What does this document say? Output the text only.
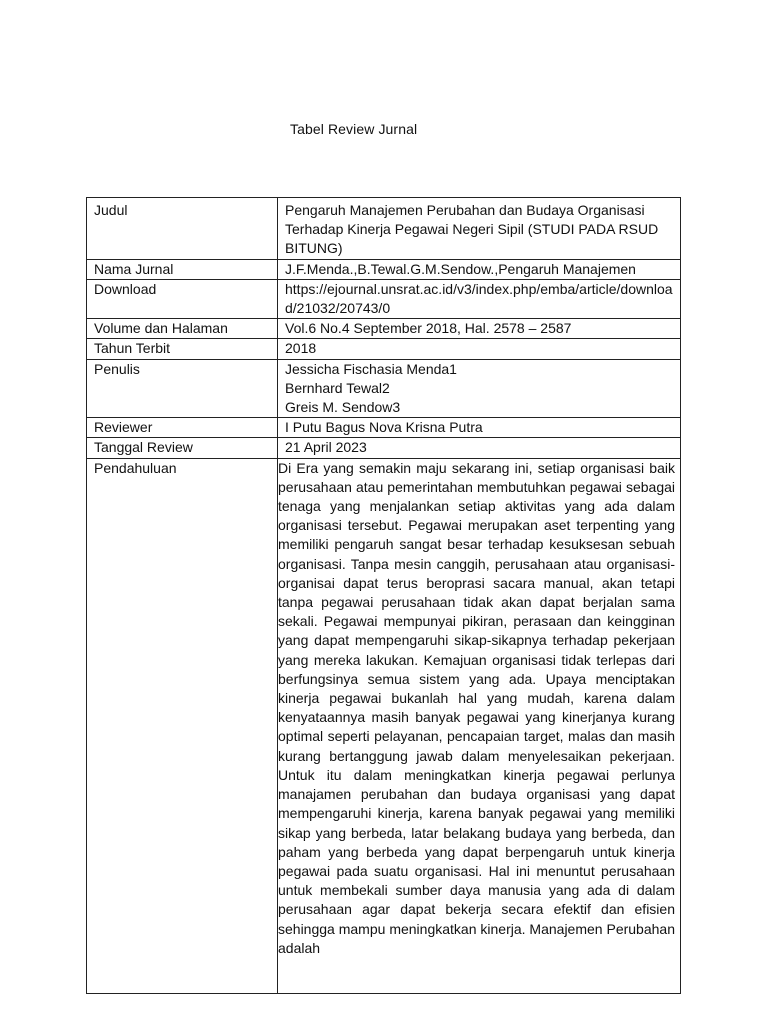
Tabel Review Jurnal
Judul	Pengaruh Manajemen Perubahan dan Budaya Organisasi Terhadap Kinerja Pegawai Negeri Sipil (STUDI PADA RSUD BITUNG)
Nama Jurnal	J.F.Menda.,B.Tewal.G.M.Sendow.,Pengaruh Manajemen
Download	https://ejournal.unsrat.ac.id/v3/index.php/emba/article/download/21032/20743/0
Volume dan Halaman	Vol.6 No.4 September 2018, Hal. 2578 – 2587
Tahun Terbit	2018
Penulis	Jessicha Fischasia Menda1
Bernhard Tewal2
Greis M. Sendow3

Reviewer	I Putu Bagus Nova Krisna Putra
Tanggal Review	21 April 2023
Pendahuluan	Di Era yang semakin maju sekarang ini, setiap organisasi baik perusahaan atau pemerintahan membutuhkan pegawai sebagai tenaga yang menjalankan setiap aktivitas yang ada dalam organisasi tersebut. Pegawai merupakan aset terpenting yang memiliki pengaruh sangat besar terhadap kesuksesan sebuah organisasi. Tanpa mesin canggih, perusahaan atau organisasi-organisai dapat terus beroprasi sacara manual, akan tetapi tanpa pegawai perusahaan tidak akan dapat berjalan sama sekali. Pegawai mempunyai pikiran, perasaan dan keingginan yang dapat mempengaruhi sikap-sikapnya terhadap pekerjaan yang mereka lakukan. Kemajuan organisasi tidak terlepas dari berfungsinya semua sistem yang ada. Upaya menciptakan kinerja pegawai bukanlah hal yang mudah, karena dalam kenyataannya masih banyak pegawai yang kinerjanya kurang optimal seperti pelayanan, pencapaian target, malas dan masih kurang bertanggung jawab dalam menyelesaikan pekerjaan. Untuk itu dalam meningkatkan kinerja pegawai perlunya manajamen perubahan dan budaya organisasi yang dapat mempengaruhi kinerja, karena banyak pegawai yang memiliki sikap yang berbeda, latar belakang budaya yang berbeda, dan paham yang berbeda yang dapat berpengaruh untuk kinerja pegawai pada suatu organisasi. Hal ini menuntut perusahaan untuk membekali sumber daya manusia yang ada di dalam perusahaan agar dapat bekerja secara efektif dan efisien sehingga mampu meningkatkan kinerja. Manajemen Perubahan adalah
